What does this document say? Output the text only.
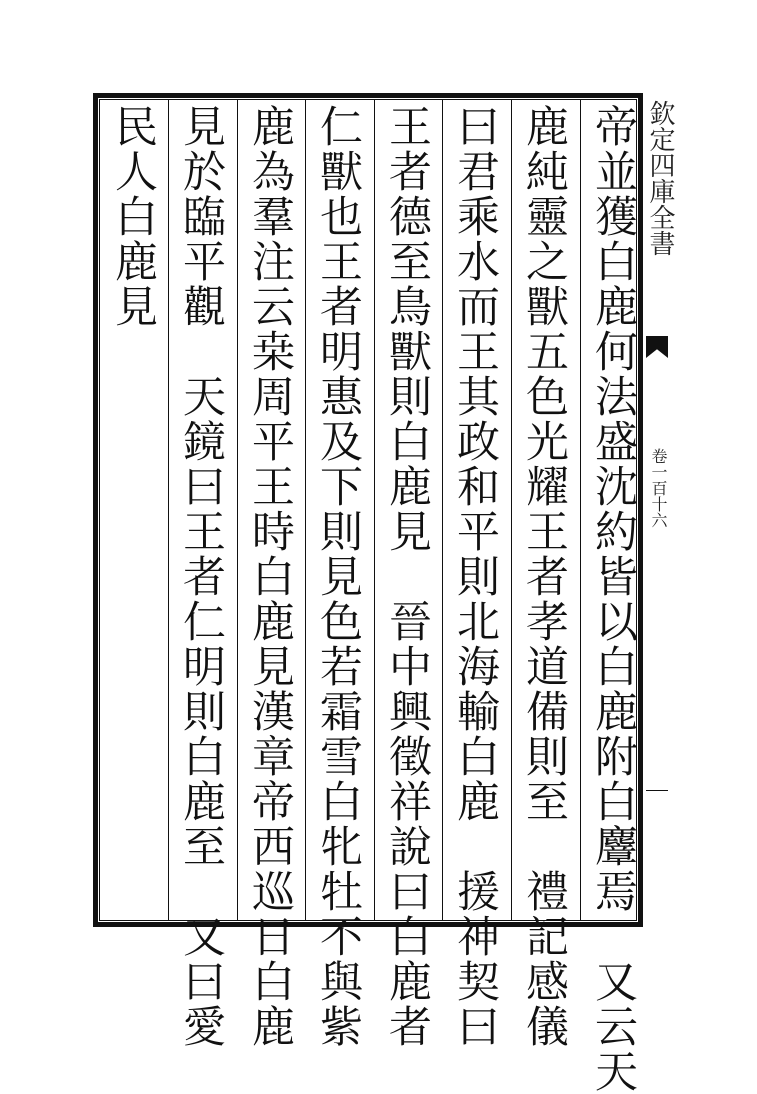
帝並獲白鹿何法盛沈約皆以白鹿附白麞焉　又云天
鹿純靈之獸五色光耀王者孝道備則至　禮記感儀
曰君乘水而王其政和平則北海輸白鹿　援神契曰
王者德至鳥獸則白鹿見　晉中興徵祥說曰白鹿者
仁獸也王者明惠及下則見色若霜雪白牝牡不與紫
鹿為羣注云桒周平王時白鹿見漢章帝西巡日白鹿
見於臨平觀　天鏡曰王者仁明則白鹿至　又曰愛
民人白鹿見	欽定四庫全書
卷一百十六
